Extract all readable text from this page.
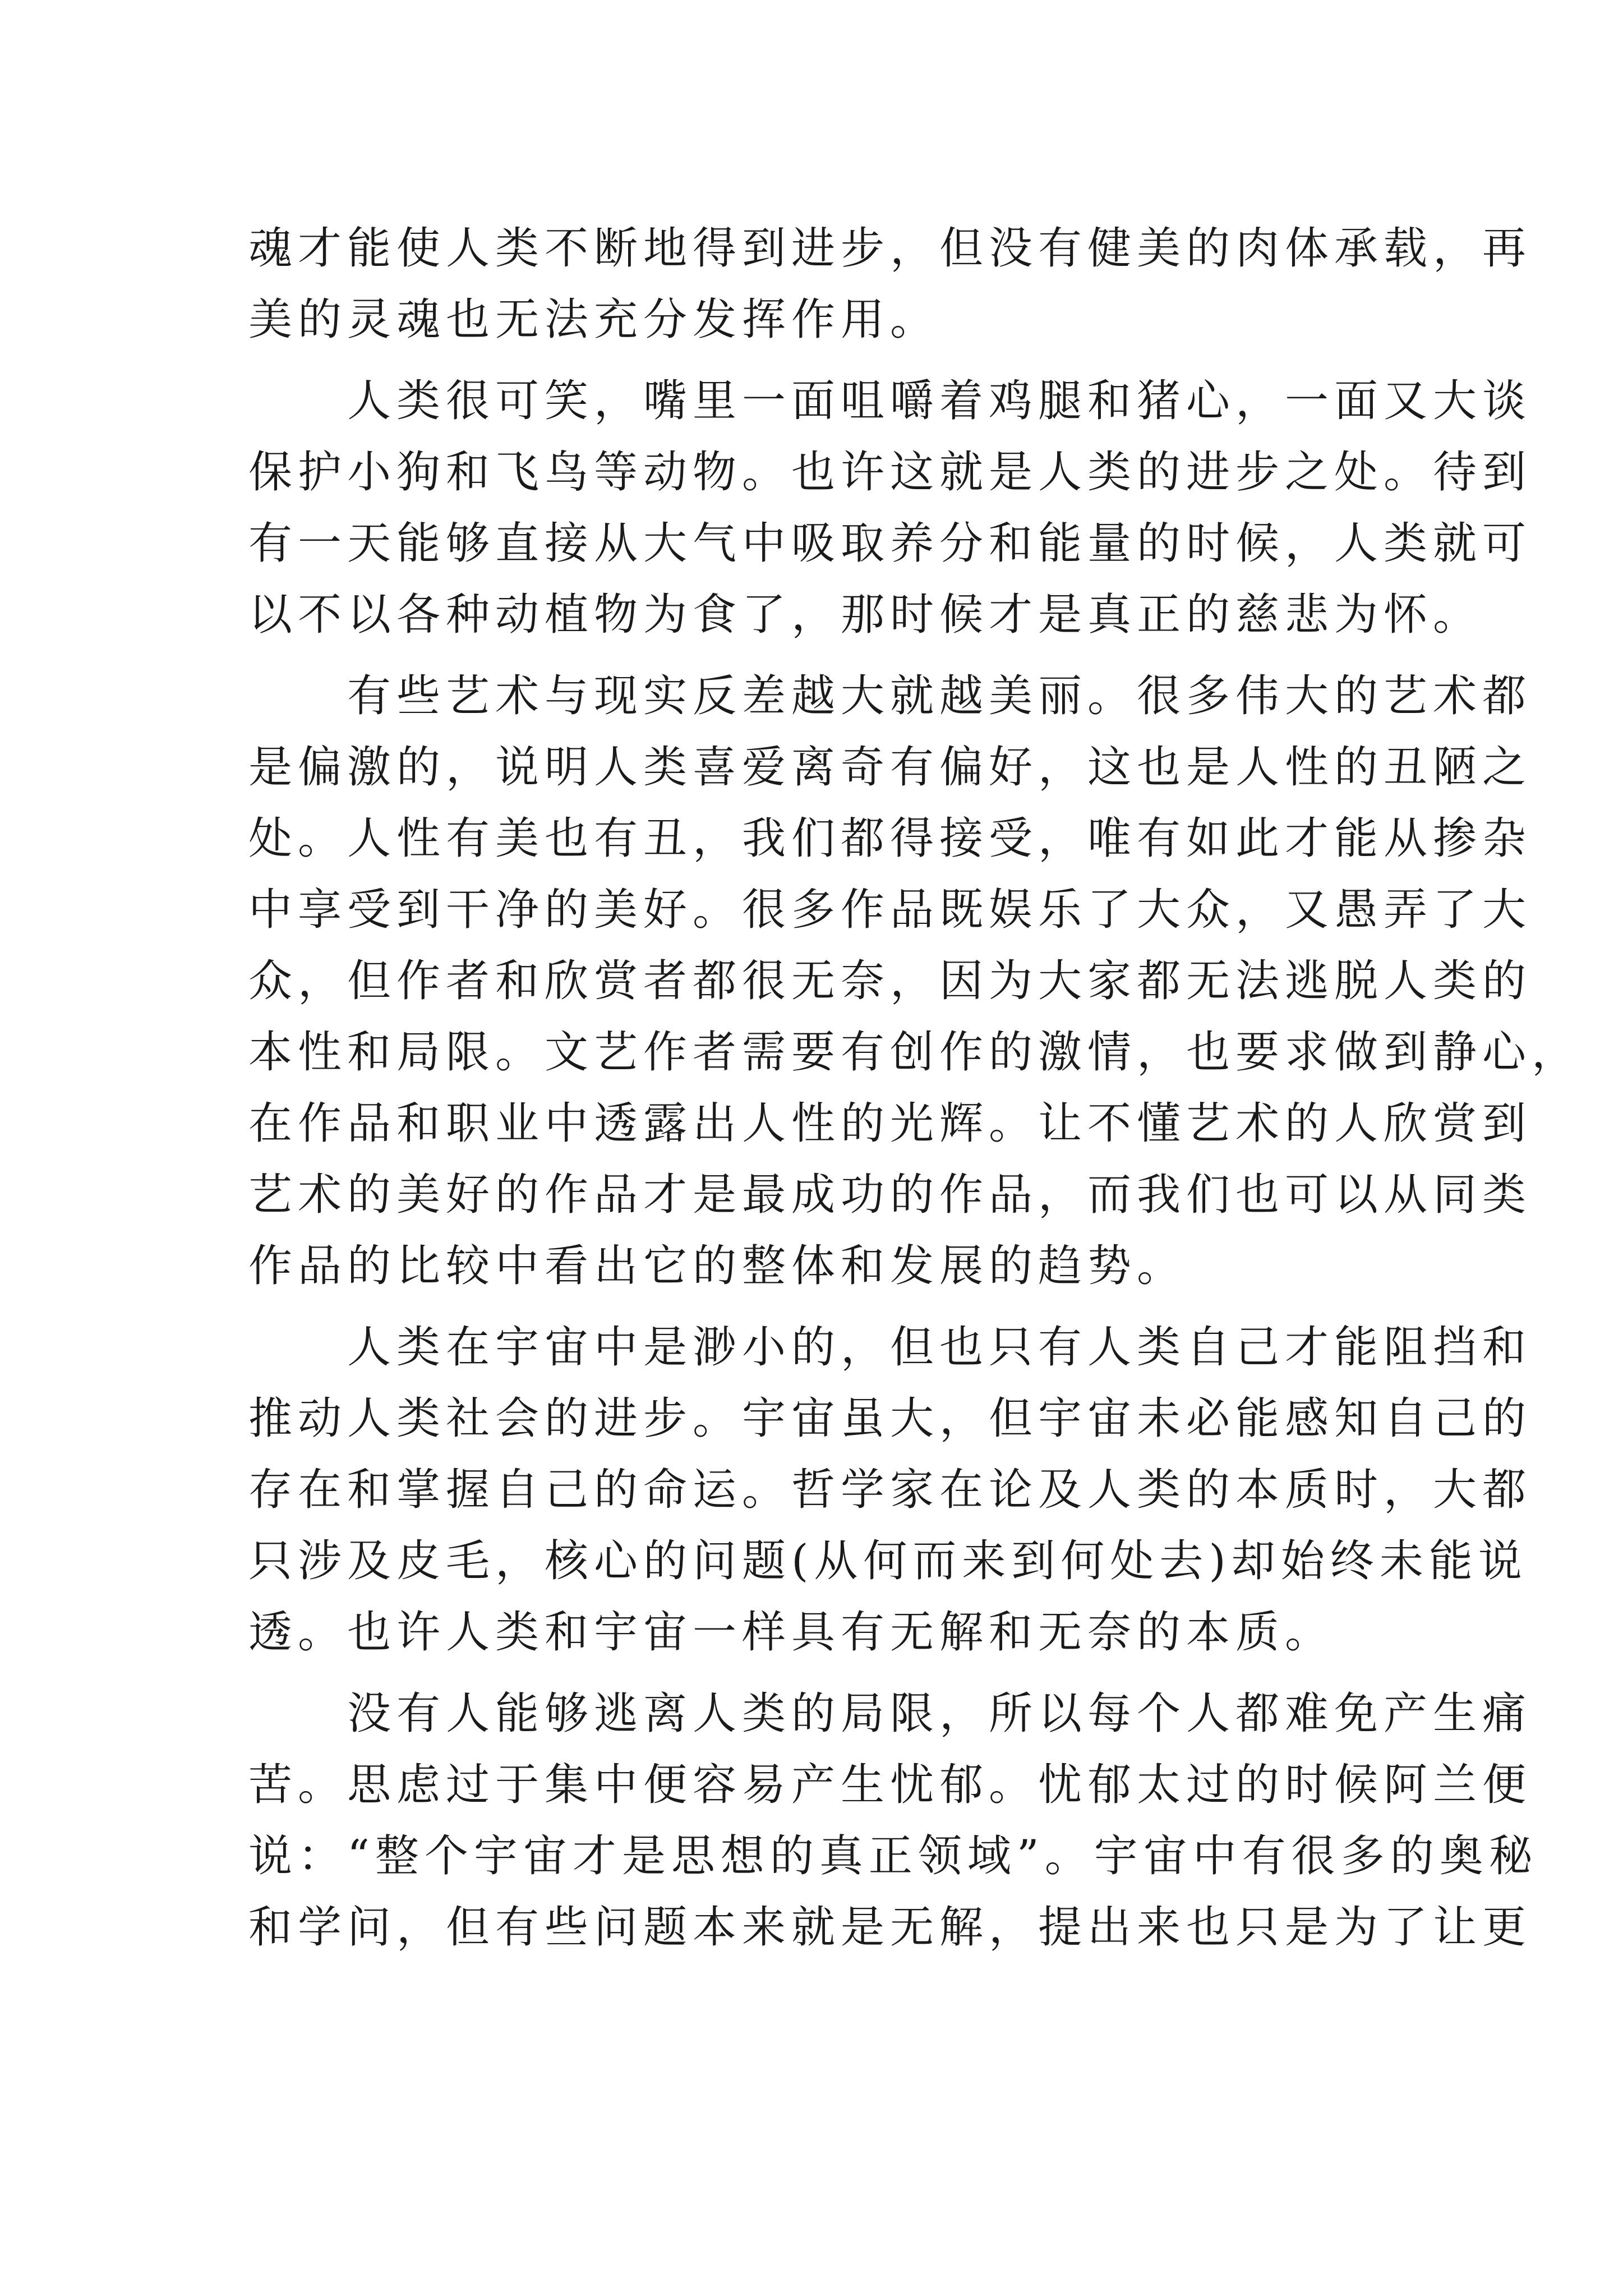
魂才能使人类不断地得到进步，但没有健美的肉体承载，再
美的灵魂也无法充分发挥作用。
人类很可笑，嘴里一面咀嚼着鸡腿和猪心，一面又大谈
保护小狗和飞鸟等动物。也许这就是人类的进步之处。待到
有一天能够直接从大气中吸取养分和能量的时候，人类就可
以不以各种动植物为食了，那时候才是真正的慈悲为怀。
有些艺术与现实反差越大就越美丽。很多伟大的艺术都
是偏激的，说明人类喜爱离奇有偏好，这也是人性的丑陋之
处。人性有美也有丑，我们都得接受，唯有如此才能从掺杂
中享受到干净的美好。很多作品既娱乐了大众，又愚弄了大
众，但作者和欣赏者都很无奈，因为大家都无法逃脱人类的
本性和局限。文艺作者需要有创作的激情，也要求做到静心，
在作品和职业中透露出人性的光辉。让不懂艺术的人欣赏到
艺术的美好的作品才是最成功的作品，而我们也可以从同类
作品的比较中看出它的整体和发展的趋势。
人类在宇宙中是渺小的，但也只有人类自己才能阻挡和
推动人类社会的进步。宇宙虽大，但宇宙未必能感知自己的
存在和掌握自己的命运。哲学家在论及人类的本质时，大都
只涉及皮毛，核心的问题(从何而来到何处去)却始终未能说
透。也许人类和宇宙一样具有无解和无奈的本质。
没有人能够逃离人类的局限，所以每个人都难免产生痛
苦。思虑过于集中便容易产生忧郁。忧郁太过的时候阿兰便
说：“整个宇宙才是思想的真正领域”。宇宙中有很多的奥秘
和学问，但有些问题本来就是无解，提出来也只是为了让更
